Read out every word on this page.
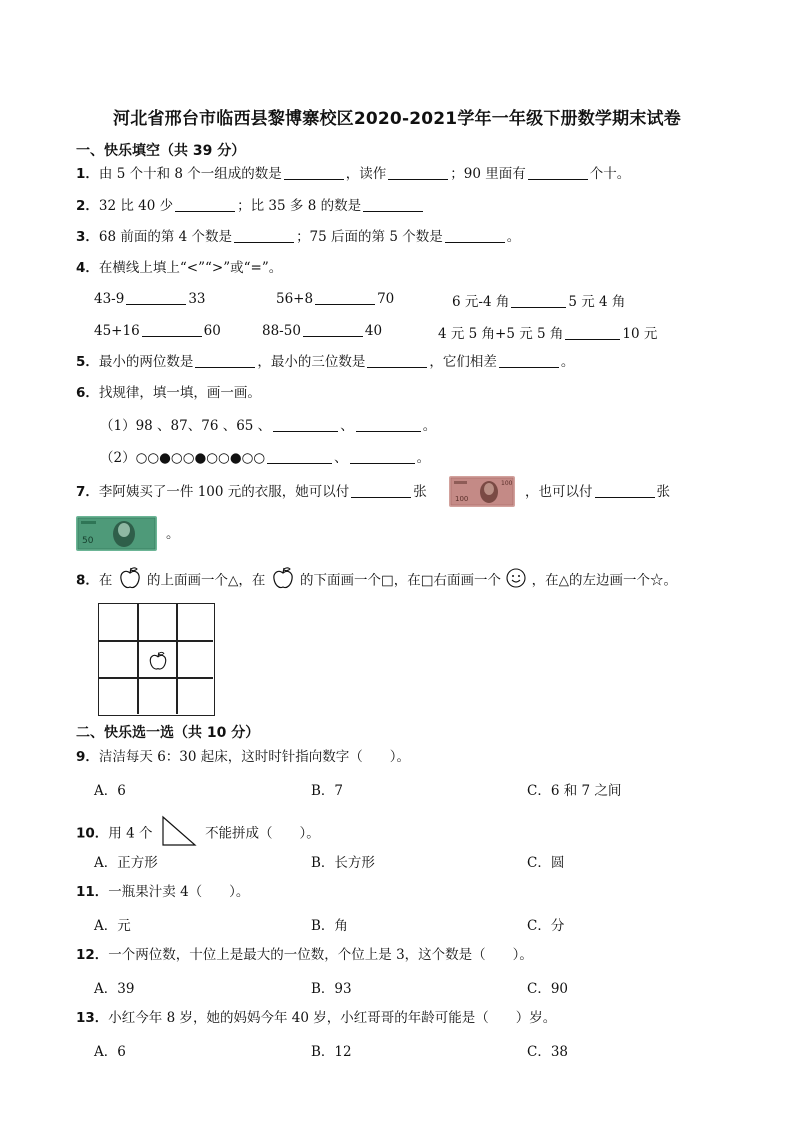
河北省邢台市临西县黎博寨校区2020-2021学年一年级下册数学期末试卷
一、快乐填空（共 39 分）
1．由 5 个十和 8 个一组成的数是	，读作	；90 里面有	个十。
2．32 比 40 少	；比 35 多 8 的数是
3．68 前面的第 4 个数是	；75 后面的第 5 个数是	。
4．在横线上填上“<”“>”或“=”。
43-9	33	56+8	70	6 元-4 角	5 元 4 角
45+16	60	88-50	40	4 元 5 角+5 元 5 角	10 元
5．最小的两位数是	，最小的三位数是	，它们相差	。
6．找规律，填一填，画一画。
（1）98 、87、76 、65 、	、	。
（2）○○●○○●○○●○○	、	。
7．李阿姨买了一件 100 元的衣服，她可以付	张	100
100
，也可以付	张
50	。
8．在	的上面画一个△，在	的下面画一个□，在□右面画一个 ，在△的左边画一个☆。
二、快乐选一选（共 10 分）
9．洁洁每天 6：30 起床，这时时针指向数字（　　）。
A．6	B．7	C．6 和 7 之间
10．用 4 个	不能拼成（　　）。
A．正方形	B．长方形	C．圆
11．一瓶果汁卖 4（　　）。
A．元	B．角	C．分
12．一个两位数，十位上是最大的一位数，个位上是 3，这个数是（　　）。
A．39	B．93	C．90
13．小红今年 8 岁，她的妈妈今年 40 岁，小红哥哥的年龄可能是（　　）岁。
A．6	B．12	C．38
